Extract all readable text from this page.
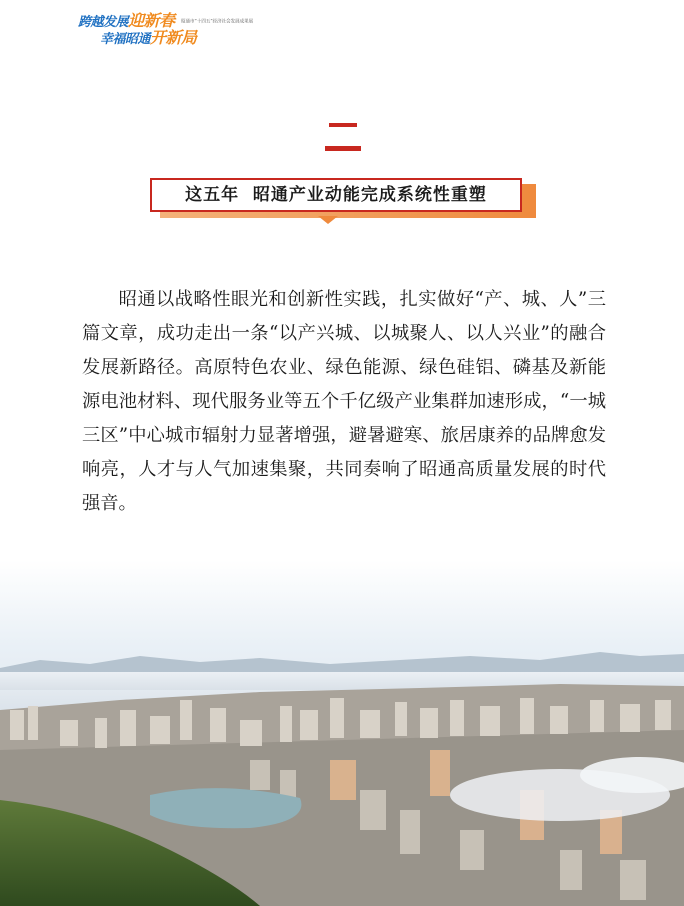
跨越发展迎新春
幸福昭通开新局
昭通市“十四五”经济社会发展成果展
这五年  昭通产业动能完成系统性重塑

昭通以战略性眼光和创新性实践，扎实做好“产、城、人”三篇文章，成功走出一条“以产兴城、以城聚人、以人兴业”的融合发展新路径。高原特色农业、绿色能源、绿色硅铝、磷基及新能源电池材料、现代服务业等五个千亿级产业集群加速形成，“一城三区”中心城市辐射力显著增强，避暑避寒、旅居康养的品牌愈发响亮，人才与人气加速集聚，共同奏响了昭通高质量发展的时代强音。
